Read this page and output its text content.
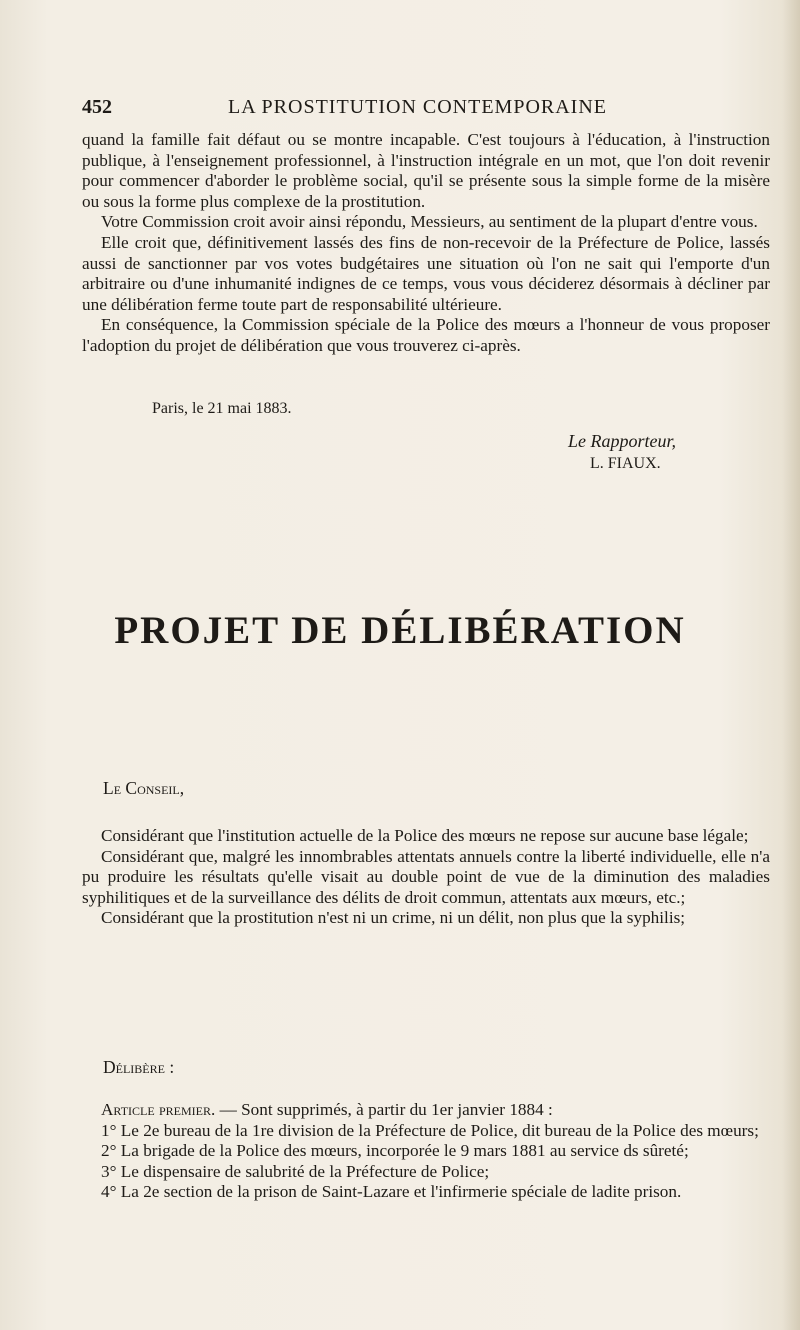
452	LA PROSTITUTION CONTEMPORAINE

quand la famille fait défaut ou se montre incapable. C'est toujours à l'éducation, à l'instruction publique, à l'enseignement professionnel, à l'instruction intégrale en un mot, que l'on doit revenir pour commencer d'aborder le problème social, qu'il se présente sous la simple forme de la misère ou sous la forme plus complexe de la prostitution.

Votre Commission croit avoir ainsi répondu, Messieurs, au sentiment de la plupart d'entre vous.

Elle croit que, définitivement lassés des fins de non-recevoir de la Préfecture de Police, lassés aussi de sanctionner par vos votes budgétaires une situation où l'on ne sait qui l'emporte d'un arbitraire ou d'une inhumanité indignes de ce temps, vous vous déciderez désormais à décliner par une délibération ferme toute part de responsabilité ultérieure.

En conséquence, la Commission spéciale de la Police des mœurs a l'honneur de vous proposer l'adoption du projet de délibération que vous trouverez ci-après.

Paris, le 21 mai 1883.
Le Rapporteur,
L. FIAUX.
PROJET DE DÉLIBÉRATION
Le Conseil,

Considérant que l'institution actuelle de la Police des mœurs ne repose sur aucune base légale;

Considérant que, malgré les innombrables attentats annuels contre la liberté individuelle, elle n'a pu produire les résultats qu'elle visait au double point de vue de la diminution des maladies syphilitiques et de la surveillance des délits de droit commun, attentats aux mœurs, etc.;

Considérant que la prostitution n'est ni un crime, ni un délit, non plus que la syphilis;

Délibère :

Article premier. — Sont supprimés, à partir du 1er janvier 1884 :

1° Le 2e bureau de la 1re division de la Préfecture de Police, dit bureau de la Police des mœurs;

2° La brigade de la Police des mœurs, incorporée le 9 mars 1881 au service ds sûreté;

3° Le dispensaire de salubrité de la Préfecture de Police;

4° La 2e section de la prison de Saint-Lazare et l'infirmerie spéciale de ladite prison.
